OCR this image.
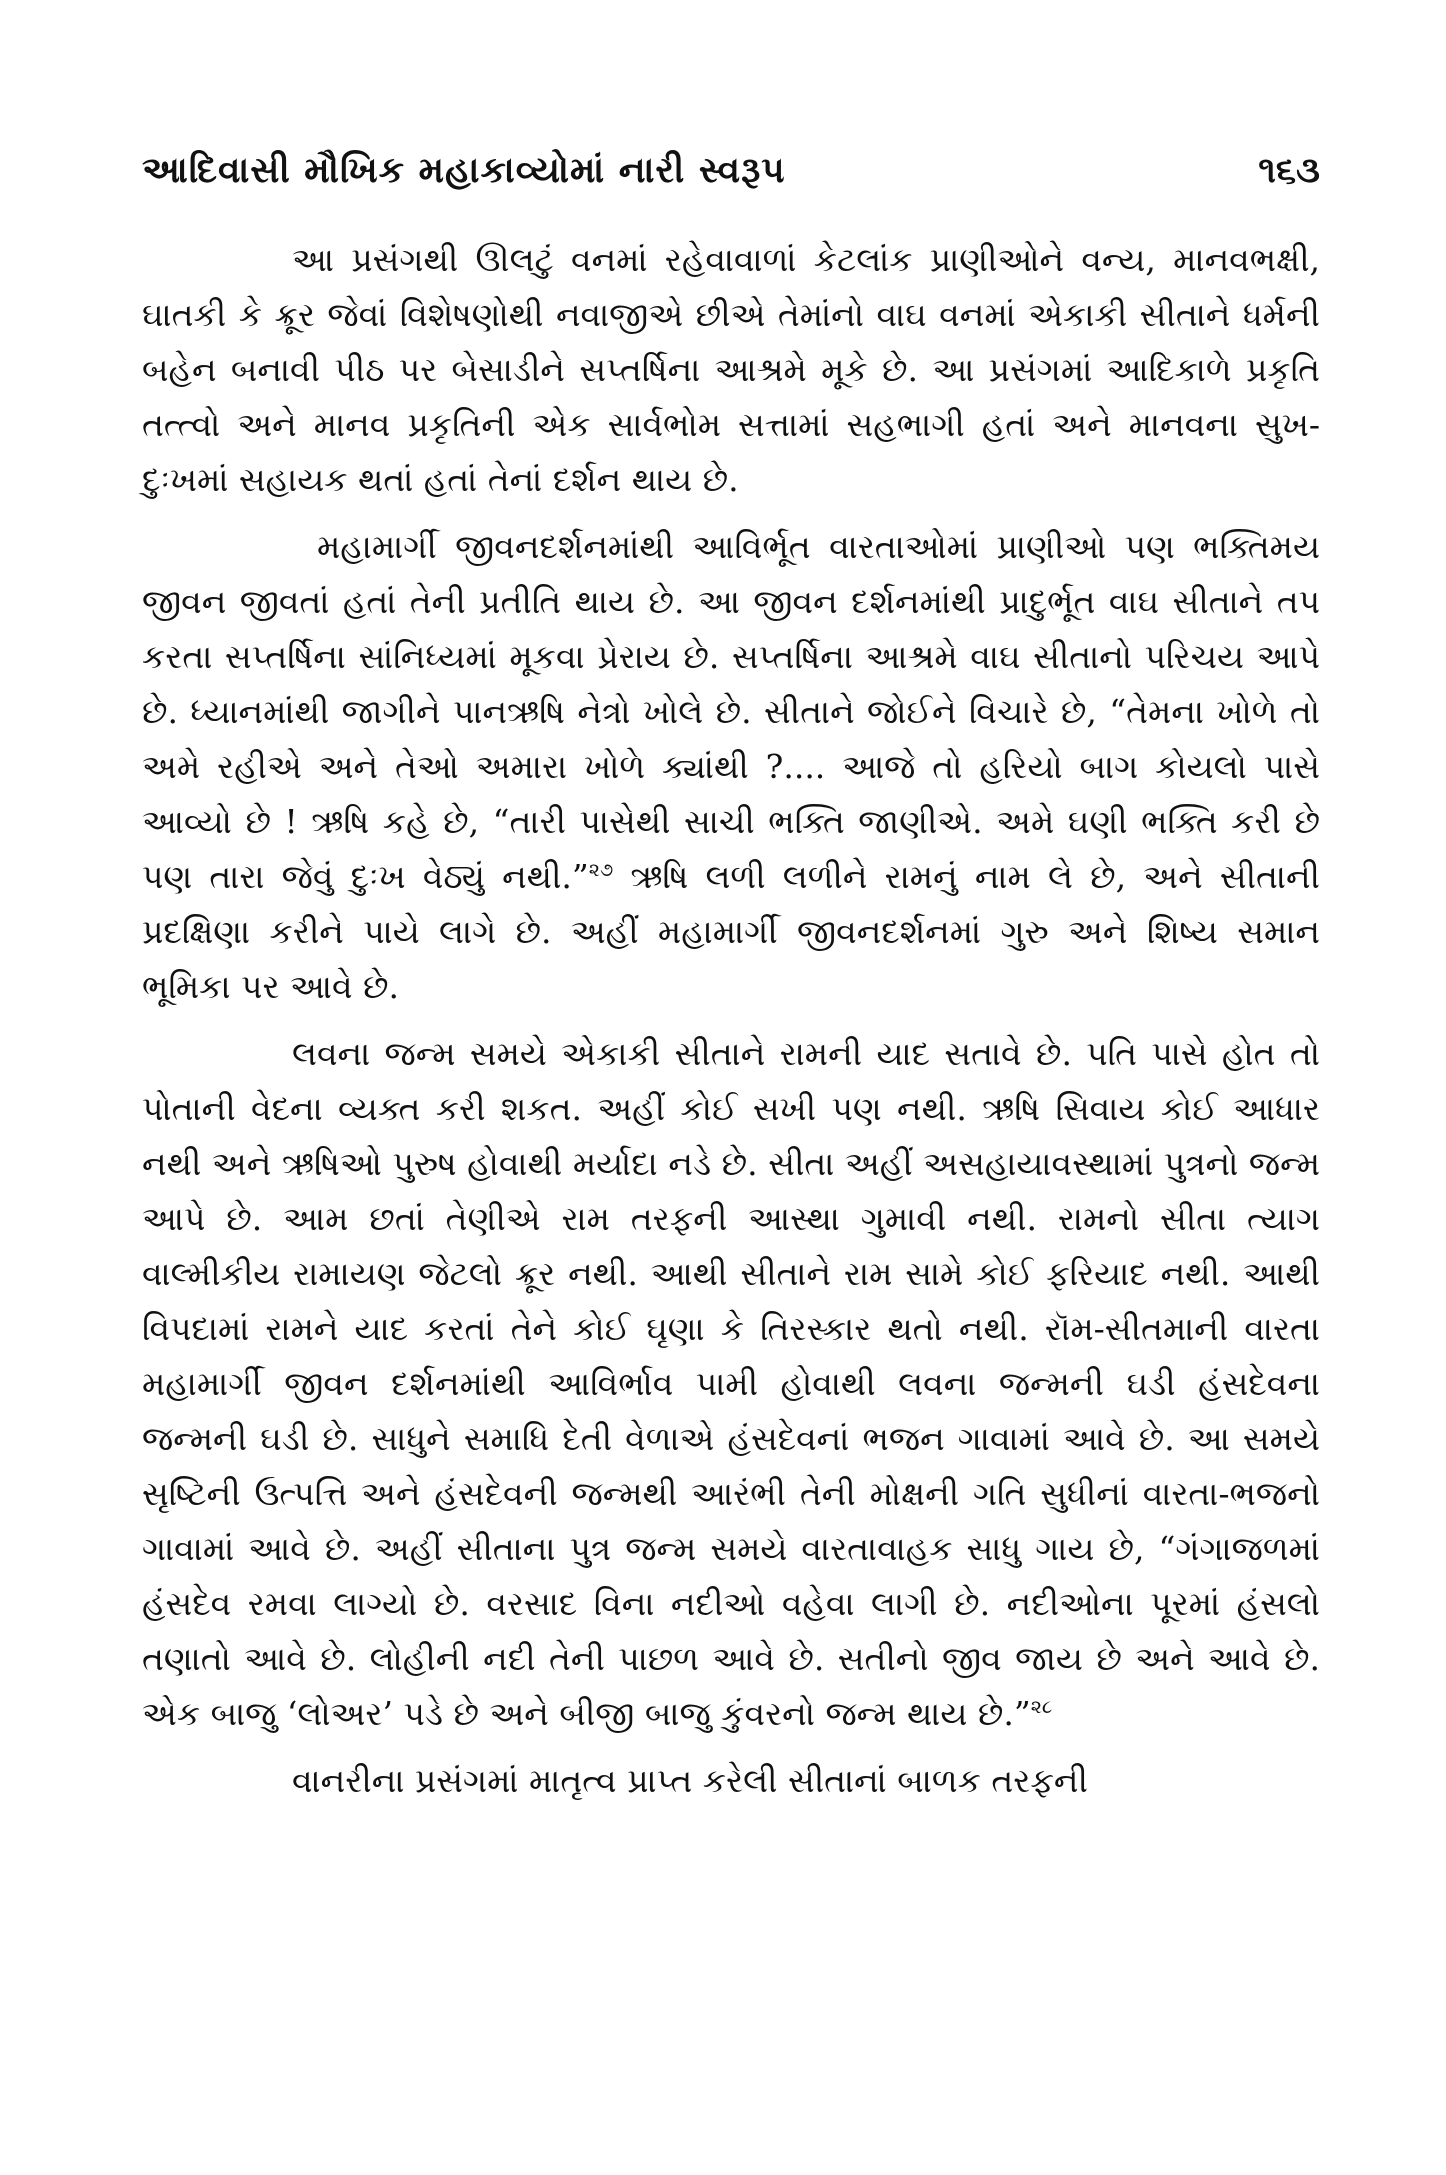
આદિવાસી મૌખિક મહાકાવ્યોમાં નારી સ્વરૂપ	૧૬૩

આ પ્રસંગથી ઊલટું વનમાં રહેવાવાળાં કેટલાંક પ્રાણીઓને વન્ય, માનવભક્ષી, ઘાતકી કે ક્રૂર જેવાં વિશેષણોથી નવાજીએ છીએ તેમાંનો વાઘ વનમાં એકાકી સીતાને ધર્મની બહેન બનાવી પીઠ પર બેસાડીને સપ્તર્ષિના આશ્રમે મૂકે છે. આ પ્રસંગમાં આદિકાળે પ્રકૃતિ તત્ત્વો અને માનવ પ્રકૃતિની એક સાર્વભોમ સત્તામાં સહભાગી હતાં અને માનવના સુખ-દુઃખમાં સહાયક થતાં હતાં તેનાં દર્શન થાય છે.

મહામાર્ગી જીવનદર્શનમાંથી આવિર્ભૂત વારતાઓમાં પ્રાણીઓ પણ ભક્તિમય જીવન જીવતાં હતાં તેની પ્રતીતિ થાય છે. આ જીવન દર્શનમાંથી પ્રાદુર્ભૂત વાઘ સીતાને તપ કરતા સપ્તર્ષિના સાંનિધ્યમાં મૂકવા પ્રેરાય છે. સપ્તર્ષિના આશ્રમે વાઘ સીતાનો પરિચય આપે છે. ધ્યાનમાંથી જાગીને પાનઋષિ નેત્રો ખોલે છે. સીતાને જોઈને વિચારે છે, “તેમના ખોળે તો અમે રહીએ અને તેઓ અમારા ખોળે ક્યાંથી ?.... આજે તો હરિયો બાગ કોયલો પાસે આવ્યો છે ! ઋષિ કહે છે, “તારી પાસેથી સાચી ભક્તિ જાણીએ. અમે ઘણી ભક્તિ કરી છે પણ તારા જેવું દુઃખ વેઠ્યું નથી.”$^{૨૭}$ ઋષિ લળી લળીને રામનું નામ લે છે, અને સીતાની પ્રદક્ષિણા કરીને પાયે લાગે છે. અહીં મહામાર્ગી જીવનદર્શનમાં ગુરુ અને શિષ્ય સમાન ભૂમિકા પર આવે છે.

લવના જન્મ સમયે એકાકી સીતાને રામની યાદ સતાવે છે. પતિ પાસે હોત તો પોતાની વેદના વ્યક્ત કરી શકત. અહીં કોઈ સખી પણ નથી. ઋષિ સિવાય કોઈ આધાર નથી અને ઋષિઓ પુરુષ હોવાથી મર્યાદા નડે છે. સીતા અહીં અસહાયાવસ્થામાં પુત્રનો જન્મ આપે છે. આમ છતાં તેણીએ રામ તરફની આસ્થા ગુમાવી નથી. રામનો સીતા ત્યાગ વાલ્મીકીય રામાયણ જેટલો ક્રૂર નથી. આથી સીતાને રામ સામે કોઈ ફરિયાદ નથી. આથી વિપદામાં રામને યાદ કરતાં તેને કોઈ ઘૃણા કે તિરસ્કાર થતો નથી. રૉમ-સીતમાની વારતા મહામાર્ગી જીવન દર્શનમાંથી આવિર્ભાવ પામી હોવાથી લવના જન્મની ઘડી હંસદેવના જન્મની ઘડી છે. સાધુને સમાધિ દેતી વેળાએ હંસદેવનાં ભજન ગાવામાં આવે છે. આ સમયે સૃષ્ટિની ઉત્પત્તિ અને હંસદેવની જન્મથી આરંભી તેની મોક્ષની ગતિ સુધીનાં વારતા-ભજનો ગાવામાં આવે છે. અહીં સીતાના પુત્ર જન્મ સમયે વારતાવાહક સાધુ ગાય છે, “ગંગાજળમાં હંસદેવ રમવા લાગ્યો છે. વરસાદ વિના નદીઓ વહેવા લાગી છે. નદીઓના પૂરમાં હંસલો તણાતો આવે છે. લોહીની નદી તેની પાછળ આવે છે. સતીનો જીવ જાય છે અને આવે છે. એક બાજુ ‘લોઅર’ પડે છે અને બીજી બાજુ કુંવરનો જન્મ થાય છે.”$^{૨૮}$

વાનરીના પ્રસંગમાં માતૃત્વ પ્રાપ્ત કરેલી સીતાનાં બાળક તરફની
